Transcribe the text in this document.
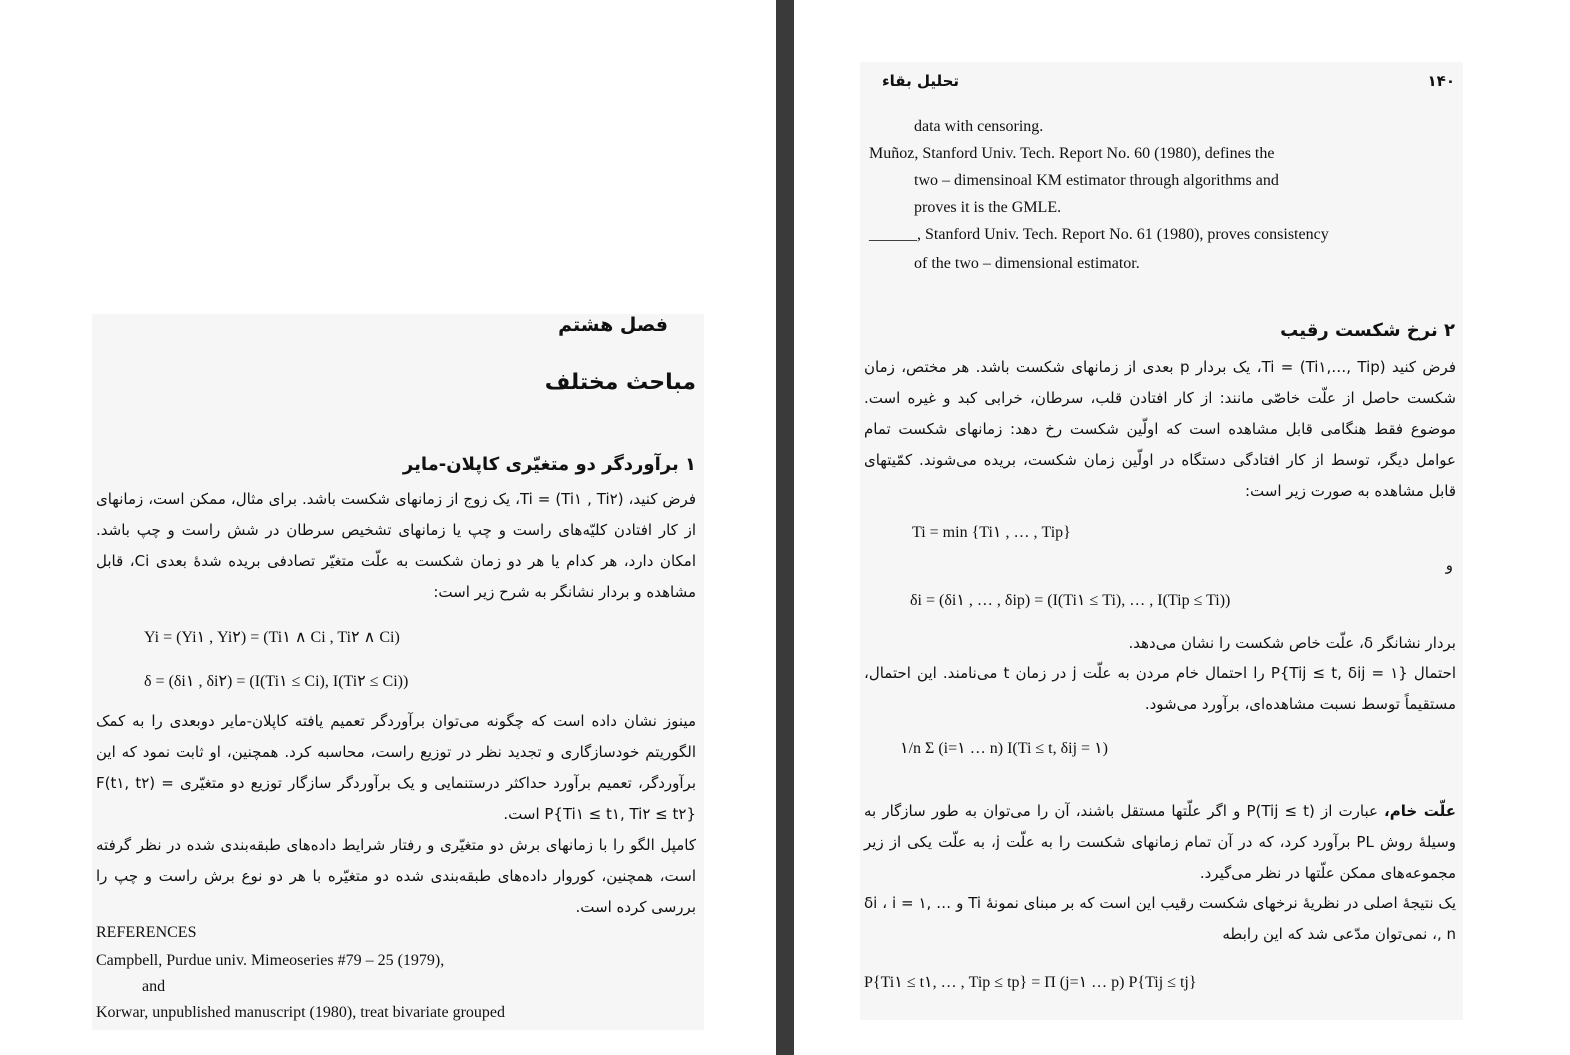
فصل هشتم
مباحث مختلف
۱ برآوردگر دو متغیّری کاپلان-مایر
فرض کنید، (Ti = (Ti۱ , Ti۲، یک زوج از زمانهای شکست باشد. برای مثال، ممکن است، زمانهای از کار افتادن کلیّه‌های راست و چپ یا زمانهای تشخیص سرطان در شش راست و چپ باشد. امکان دارد، هر کدام یا هر دو زمان شکست به علّت متغیّر تصادفی بریده شدهٔ بعدی Ci، قابل مشاهده و بردار نشانگر به شرح زیر است:
Yi = (Yi۱ , Yi۲) = (Ti۱ ∧ Ci , Ti۲ ∧ Ci)
δ = (δi۱ , δi۲) = (I(Ti۱ ≤ Ci), I(Ti۲ ≤ Ci))
مینوز نشان داده است که چگونه می‌توان برآوردگر تعمیم یافته کاپلان-مایر دوبعدی را به کمک الگوریتم خودسازگاری و تجدید نظر در توزیع راست، محاسبه کرد. همچنین، او ثابت نمود که این برآوردگر، تعمیم برآورد حداکثر درستنمایی و یک برآوردگر سازگار توزیع دو متغیّری F(t۱, t۲) = P{Ti۱ ≤ t۱, Ti۲ ≤ t۲} است.
کامپل الگو را با زمانهای برش دو متغیّری و رفتار شرایط داده‌های طبقه‌بندی شده در نظر گرفته است، همچنین، کوروار داده‌های طبقه‌بندی شده دو متغیّره با هر دو نوع برش راست و چپ را بررسی کرده است.
REFERENCES
Campbell, Purdue univ. Mimeoseries #79 – 25 (1979),
and
Korwar, unpublished manuscript (1980), treat bivariate grouped
۱۴۰
تحلیل بقاء
data with censoring.
Muñoz, Stanford Univ. Tech. Report No. 60 (1980), defines the
two – dimensinoal KM estimator through algorithms and
proves it is the GMLE.
______, Stanford Univ. Tech. Report No. 61 (1980), proves consistency
of the two – dimensional estimator.
۲ نرخ شکست رقیب
فرض کنید (Ti = (Ti۱,…, Tip، یک بردار p بعدی از زمانهای شکست باشد. هر مختص، زمان شکست حاصل از علّت خاصّی مانند: از کار افتادن قلب، سرطان، خرابی کبد و غیره است. موضوع فقط هنگامی قابل مشاهده است که اولّین شکست رخ دهد: زمانهای شکست تمام عوامل دیگر، توسط از کار افتادگی دستگاه در اولّین زمان شکست، بریده می‌شوند. کمّیتهای قابل مشاهده به صورت زیر است:
Ti = min {Ti۱ , … , Tip}
و
δi = (δi۱ , … , δip) = (I(Ti۱ ≤ Ti), … , I(Tip ≤ Ti))
بردار نشانگر δ، علّت خاص شکست را نشان می‌دهد.
احتمال P{Tij ≤ t, δij = ۱} را احتمال خام مردن به علّت j در زمان t می‌نامند. این احتمال، مستقیماً توسط نسبت مشاهده‌ای، برآورد می‌شود.
۱/n Σ (i=۱ … n) I(Ti ≤ t, δij = ۱)
علّت خام، عبارت از (P(Tij ≤ t و اگر علّتها مستقل باشند، آن را می‌توان به طور سازگار به وسیلهٔ روش PL برآورد کرد، که در آن تمام زمانهای شکست را به علّت j، به علّت یکی از زیر مجموعه‌های ممکن علّتها در نظر می‌گیرد.
یک نتیجهٔ اصلی در نظریهٔ نرخهای شکست رقیب این است که بر مبنای نمونهٔ Ti و δi ، i = ۱, … , n، نمی‌توان مدّعی شد که این رابطه
P{Ti۱ ≤ t۱, … , Tip ≤ tp} = Π (j=۱ … p) P{Tij ≤ tj}
